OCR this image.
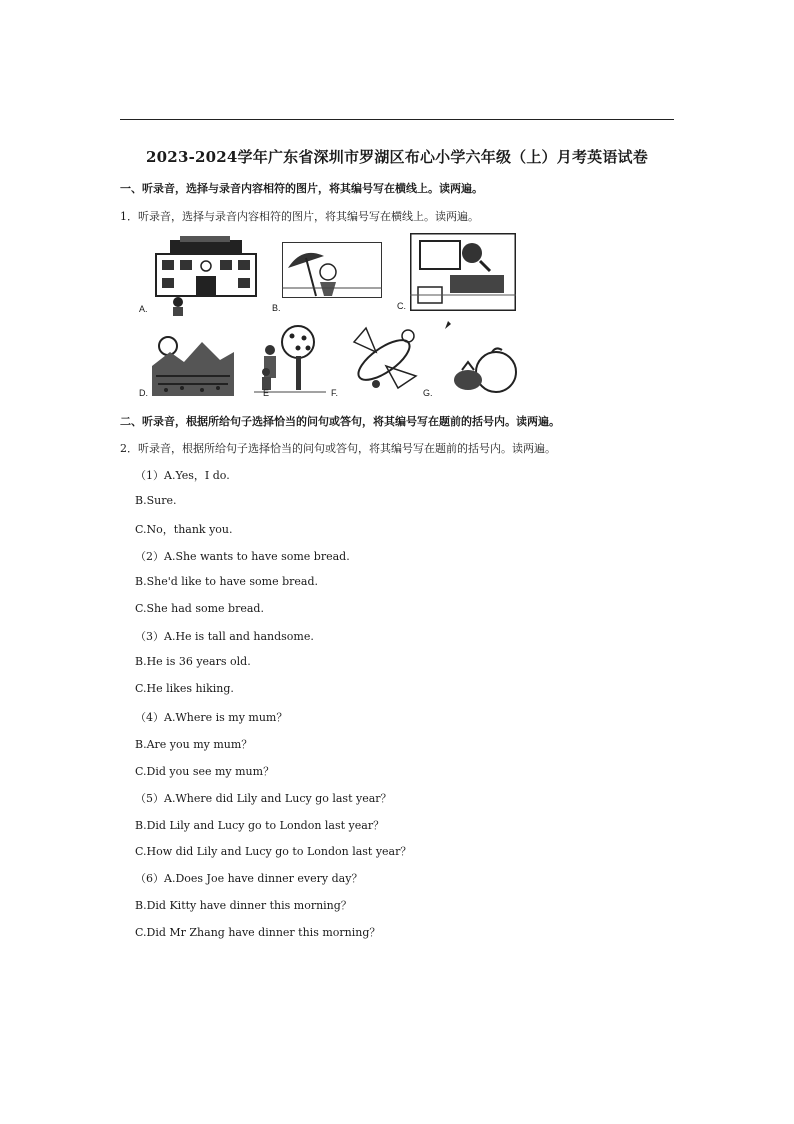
2023-2024学年广东省深圳市罗湖区布心小学六年级（上）月考英语试卷
一、听录音，选择与录音内容相符的图片，将其编号写在横线上。读两遍。
1．听录音，选择与录音内容相符的图片，将其编号写在横线上。读两遍。
A.	B.	C.
D.	E	F.	G.
二、听录音，根据所给句子选择恰当的问句或答句，将其编号写在题前的括号内。读两遍。
2．听录音，根据所给句子选择恰当的问句或答句，将其编号写在题前的括号内。读两遍。
（1）A.Yes，I do.
B.Sure.
C.No，thank you.
（2）A.She wants to have some bread.
B.She'd like to have some bread.
C.She had some bread.
（3）A.He is tall and handsome.
B.He is 36 years old.
C.He likes hiking.
（4）A.Where is my mum？
B.Are you my mum？
C.Did you see my mum？
（5）A.Where did Lily and Lucy go last year？
B.Did Lily and Lucy go to London last year？
C.How did Lily and Lucy go to London last year？
（6）A.Does Joe have dinner every day？
B.Did Kitty have dinner this morning？
C.Did Mr Zhang have dinner this morning？
